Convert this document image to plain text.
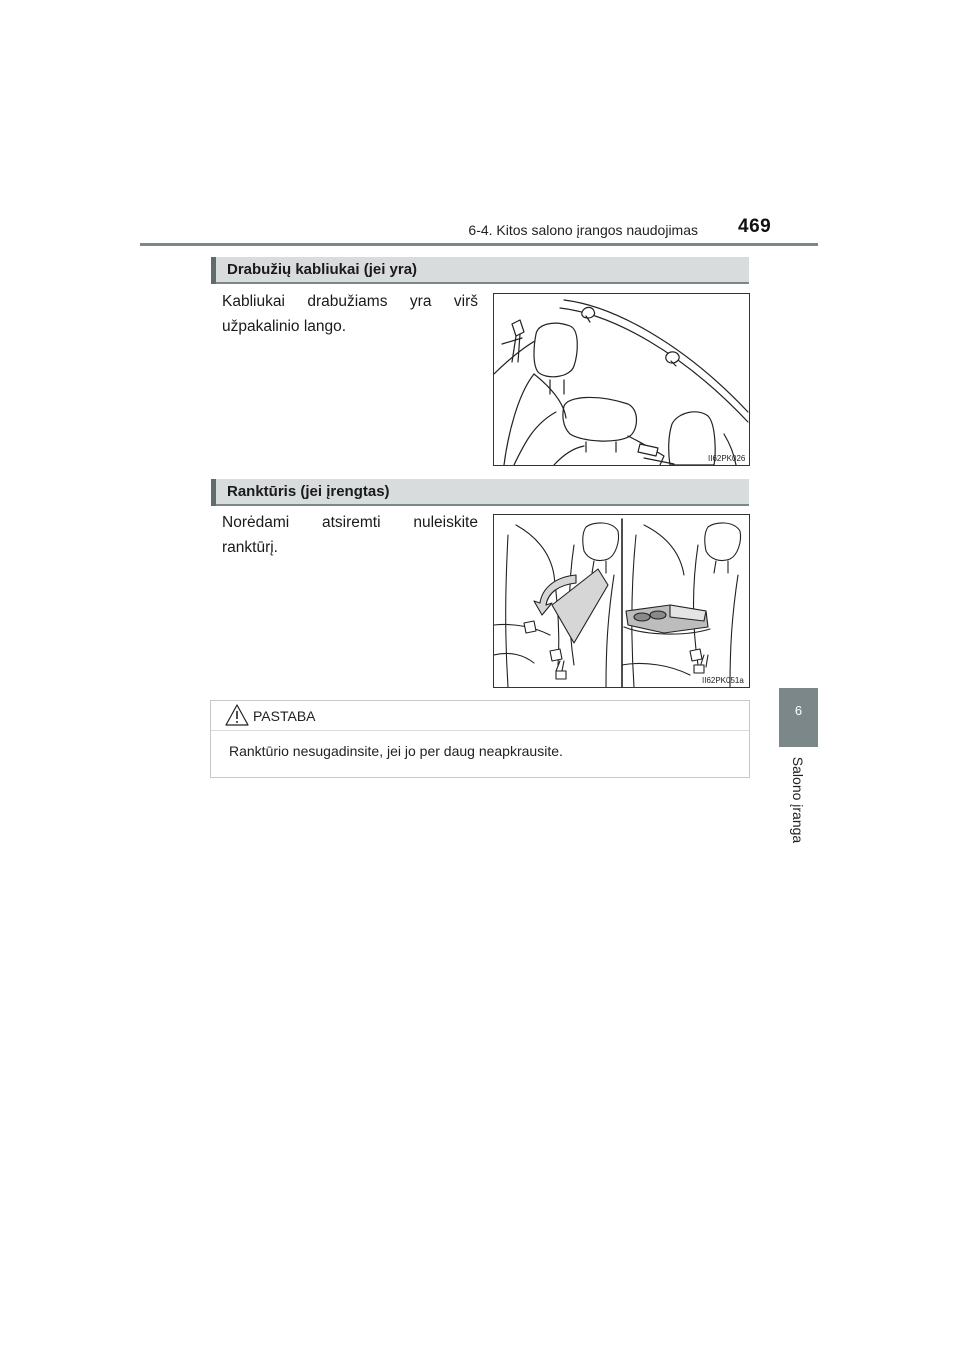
6-4. Kitos salono įrangos naudojimas 469
6
Salono įranga
Drabužių kabliukai (jei yra)
Kabliukai drabužiams yra virš užpakalinio lango.
II62PK026
Ranktūris (jei įrengtas)
Norėdami atsiremti nuleiskite ranktūrį.
II62PK051a
PASTABA
Ranktūrio nesugadinsite, jei jo per daug neapkrausite.
